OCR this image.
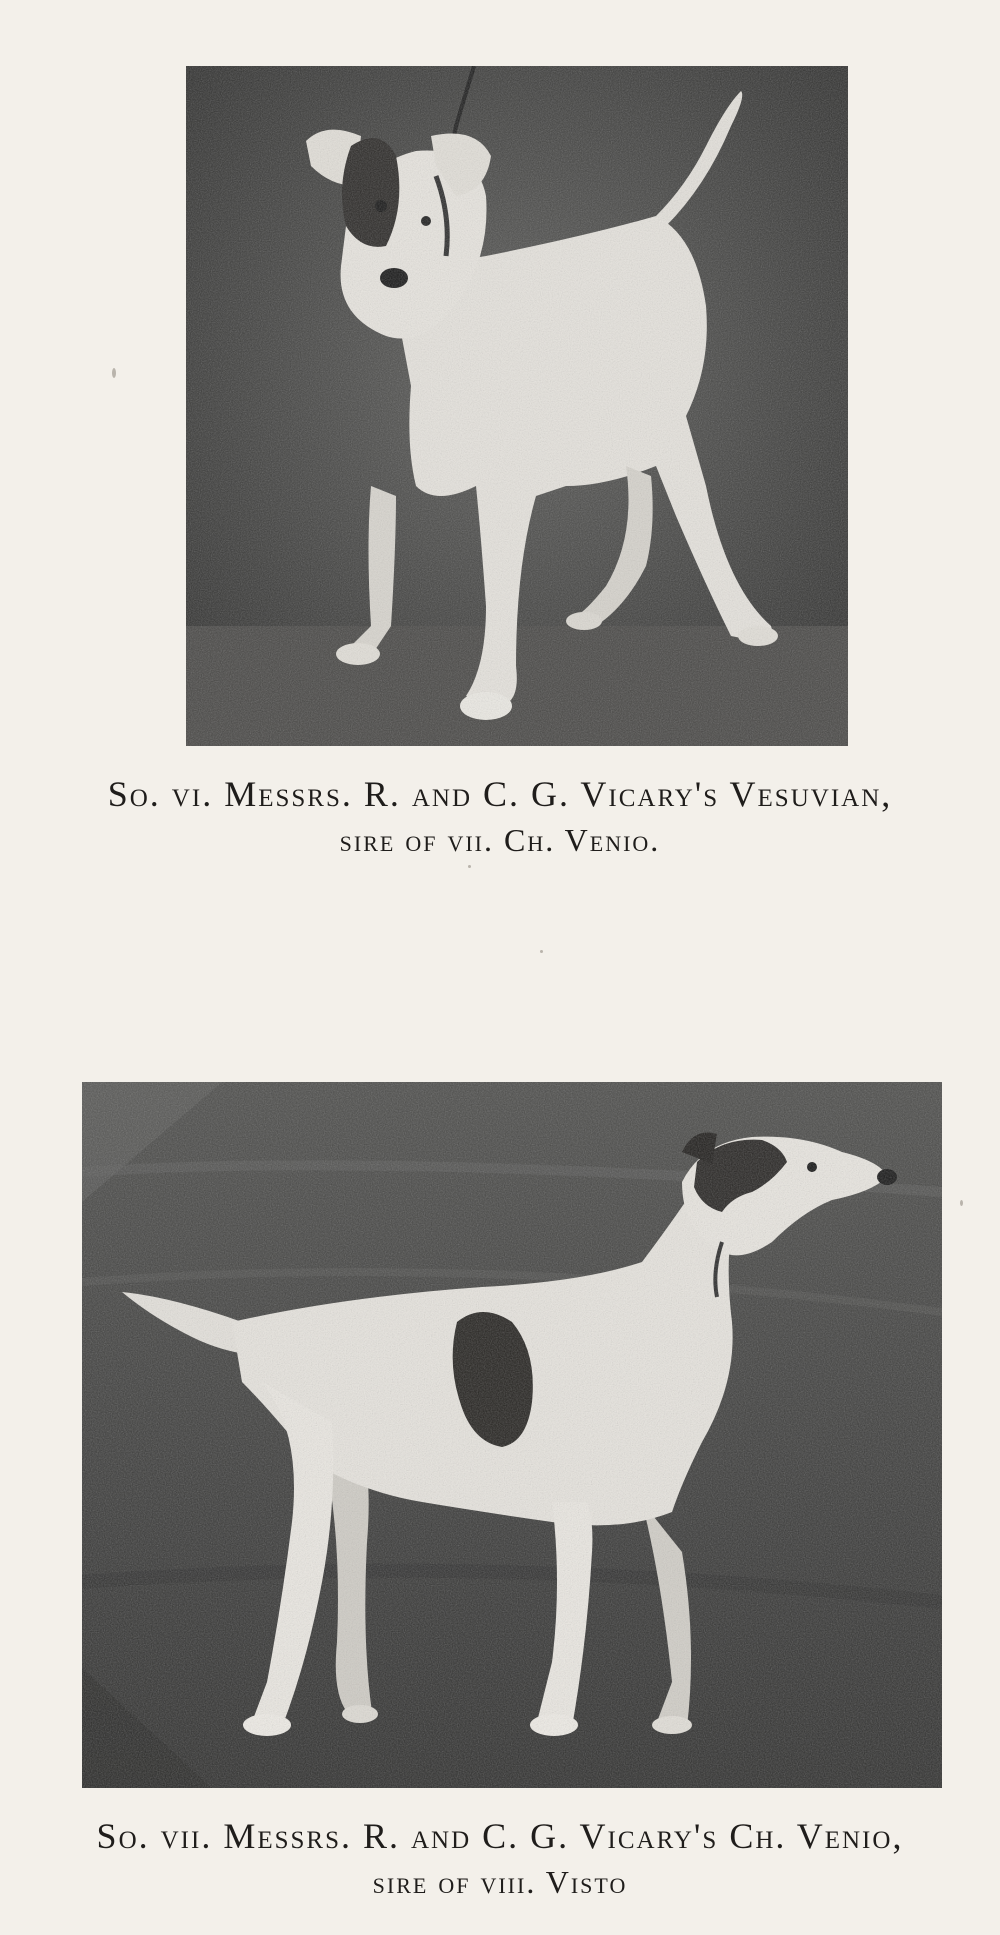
So. vi. Messrs. R. and C. G. Vicary's Vesuvian,
sire of vii. Ch. Venio.
So. vii. Messrs. R. and C. G. Vicary's Ch. Venio,
sire of viii. Visto
